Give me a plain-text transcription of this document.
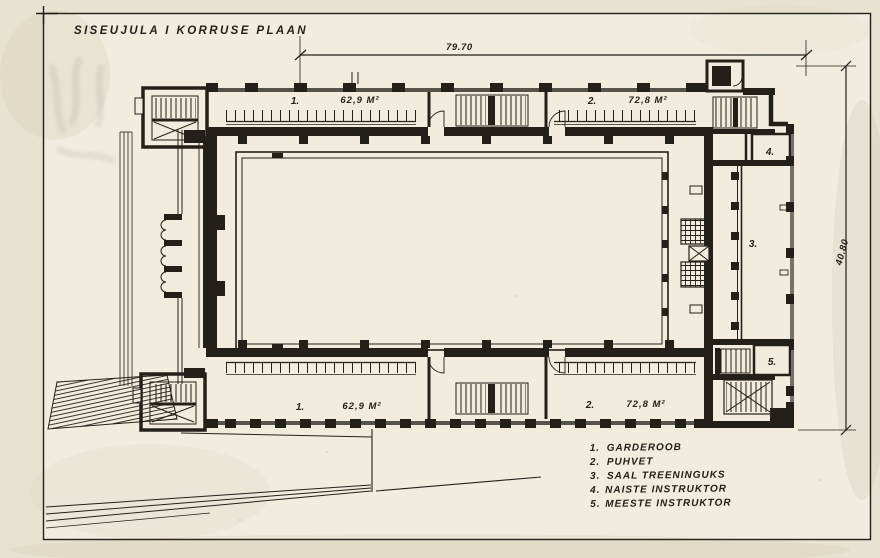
SISEUJULA I KORRUSE PLAAN
1.	62,9 M²	2.	72,8 M²
1.	62,9 M²	2.	72,8 M²
3.
4.
5.
79.70
40.80
1. GARDEROOB
2. PUHVET
3. SAAL TREENINGUKS
4. NAISTE INSTRUKTOR
5. MEESTE INSTRUKTOR
